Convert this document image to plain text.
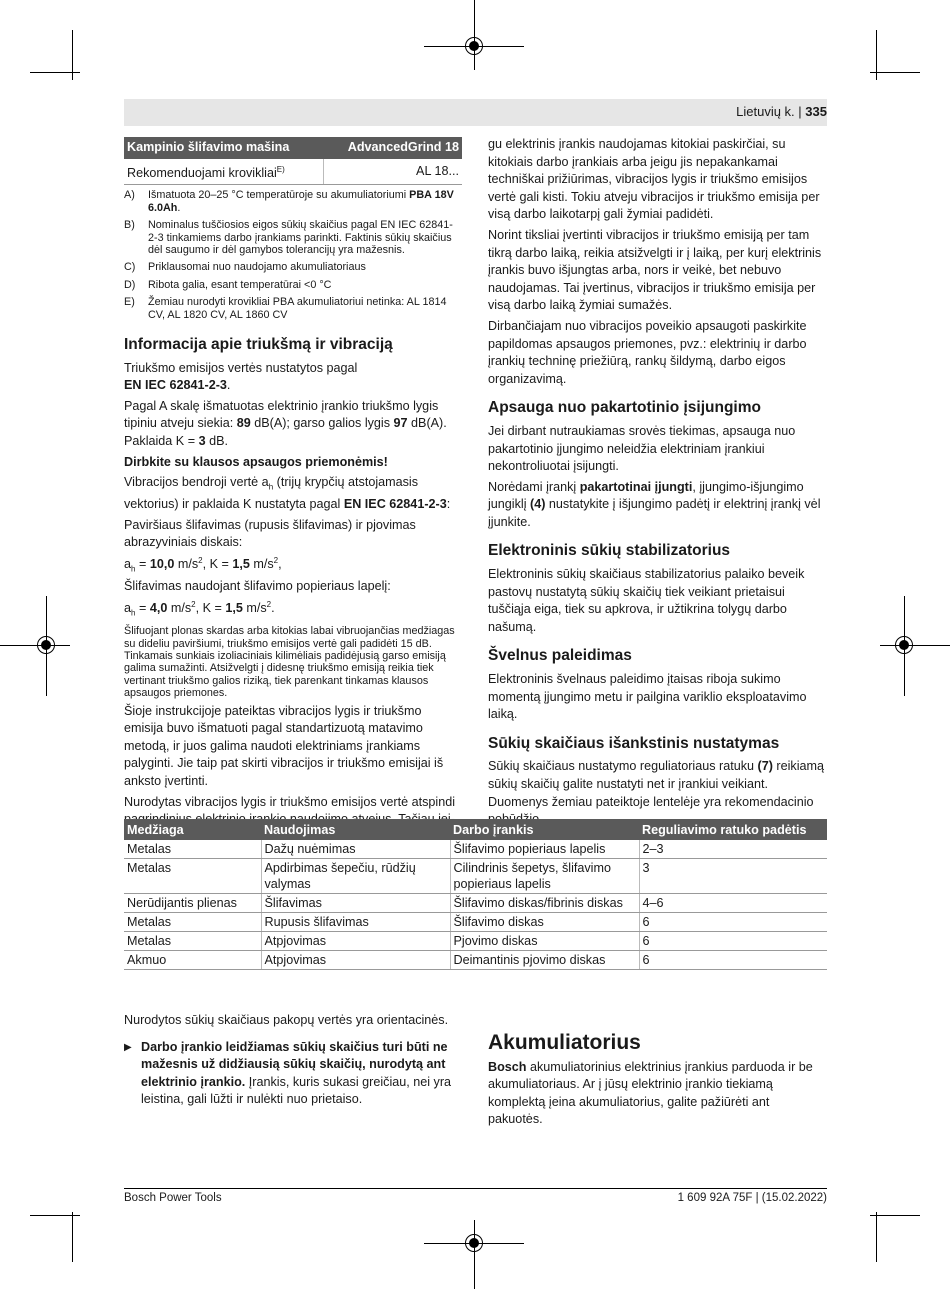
Lietuvių k. | 335
Kampinio šlifavimo mašina	AdvancedGrind 18
Rekomenduojami krovikliai$^{E)}$	AL 18...
A)	Išmatuota 20–25 °C temperatūroje su akumuliatoriumi PBA 18V 6.0Ah.
B)	Nominalus tuščiosios eigos sūkių skaičius pagal EN IEC 62841-2-3 tinkamiems darbo įrankiams parinkti. Faktinis sūkių skaičius dėl saugumo ir dėl gamybos tolerancijų yra mažesnis.
C)	Priklausomai nuo naudojamo akumuliatoriaus
D)	Ribota galia, esant temperatūrai <0 °C
E)	Žemiau nurodyti krovikliai PBA akumuliatoriui netinka: AL 1814 CV, AL 1820 CV, AL 1860 CV
Informacija apie triukšmą ir vibraciją

Triukšmo emisijos vertės nustatytos pagal
EN IEC 62841-2-3.

Pagal A skalę išmatuotas elektrinio įrankio triukšmo lygis tipiniu atveju siekia: 89 dB(A); garso galios lygis 97 dB(A). Paklaida K = 3 dB.

Dirbkite su klausos apsaugos priemonėmis!

Vibracijos bendroji vertė $a_h$ (trijų krypčių atstojamasis vektorius) ir paklaida K nustatyta pagal EN IEC 62841-2-3:

Paviršiaus šlifavimas (rupusis šlifavimas) ir pjovimas abrazyviniais diskais:
$a_h = 10,0$ $m/s^2$, K = 1,5 $m/s^2$,

Šlifavimas naudojant šlifavimo popieriaus lapelį:
$a_h = 4,0$ $m/s^2$, K = 1,5 $m/s^2$.

Šlifuojant plonas skardas arba kitokias labai vibruojančias medžiagas su dideliu paviršiumi, triukšmo emisijos vertė gali padidėti 15 dB. Tinkamais sunkiais izoliaciniais kilimėliais padidėjusią garso emisiją galima sumažinti. Atsižvelgti į didesnę triukšmo emisiją reikia tiek vertinant triukšmo galios riziką, tiek parenkant tinkamas klausos apsaugos priemones.

Šioje instrukcijoje pateiktas vibracijos lygis ir triukšmo emisija buvo išmatuoti pagal standartizuotą matavimo metodą, ir juos galima naudoti elektriniams įrankiams palyginti. Jie taip pat skirti vibracijos ir triukšmo emisijai iš anksto įvertinti.

Nurodytas vibracijos lygis ir triukšmo emisijos vertė atspindi

gu elektrinis įrankis naudojamas kitokiai paskirčiai, su kitokiais darbo įrankiais arba jeigu jis nepakankamai techniškai prižiūrimas, vibracijos lygis ir triukšmo emisijos vertė gali kisti. Tokiu atveju vibracijos ir triukšmo emisija per visą darbo laikotarpį gali žymiai padidėti.

Norint tiksliai įvertinti vibracijos ir triukšmo emisiją per tam tikrą darbo laiką, reikia atsižvelgti ir į laiką, per kurį elektrinis įrankis buvo išjungtas arba, nors ir veikė, bet nebuvo naudojamas. Tai įvertinus, vibracijos ir triukšmo emisija per visą darbo laiką žymiai sumažės.

Dirbančiajam nuo vibracijos poveikio apsaugoti paskirkite papildomas apsaugos priemones, pvz.: elektrinių ir darbo įrankių techninę priežiūrą, rankų šildymą, darbo eigos organizavimą.

Apsauga nuo pakartotinio įsijungimo

Jei dirbant nutraukiamas srovės tiekimas, apsauga nuo pakartotinio įjungimo neleidžia elektriniam įrankiui nekontroliuotai įsijungti.

Norėdami įrankį pakartotinai įjungti, įjungimo-išjungimo jungiklį (4) nustatykite į išjungimo padėtį ir elektrinį įrankį vėl įjunkite.

Elektroninis sūkių stabilizatorius

Elektroninis sūkių skaičiaus stabilizatorius palaiko beveik pastovų nustatytą sūkių skaičių tiek veikiant prietaisui tuščiąja eiga, tiek su apkrova, ir užtikrina tolygų darbo našumą.

Švelnus paleidimas

Elektroninis švelnaus paleidimo įtaisas riboja sukimo momentą įjungimo metu ir pailgina variklio eksploatavimo laiką.

Sūkių skaičiaus išankstinis nustatymas

Sūkių skaičiaus nustatymo reguliatoriaus ratuku (7) reikiamą sūkių skaičių galite nustatyti net ir įrankiui veikiant. Duomenys žemiau pateiktoje lentelėje yra rekomendacinio

Medžiaga	Naudojimas	Darbo įrankis	Reguliavimo ratuko padėtis
Metalas	Dažų nuėmimas	Šlifavimo popieriaus lapelis	2–3
Metalas	Apdirbimas šepečiu, rūdžių valymas	Cilindrinis šepetys, šlifavimo popieriaus lapelis	3
Nerūdijantis plienas	Šlifavimas	Šlifavimo diskas/fibrinis diskas	4–6
Metalas	Rupusis šlifavimas	Šlifavimo diskas	6
Metalas	Atpjovimas	Pjovimo diskas	6
Akmuo	Atpjovimas	Deimantinis pjovimo diskas	6

Nurodytos sūkių skaičiaus pakopų vertės yra orientacinės.

▶ Darbo įrankio leidžiamas sūkių skaičius turi būti ne mažesnis už didžiausią sūkių skaičių, nurodytą ant elektrinio įrankio. Įrankis, kuris sukasi greičiau, nei yra leistina, gali lūžti ir nulėkti nuo prietaiso.

Akumuliatorius

Bosch akumuliatorinius elektrinius įrankius parduoda ir be akumuliatoriaus. Ar į jūsų elektrinio įrankio tiekiamą komplektą įeina akumuliatorius, galite pažiūrėti ant pakuotės.

Bosch Power Tools	1 609 92A 75F | (15.02.2022)
